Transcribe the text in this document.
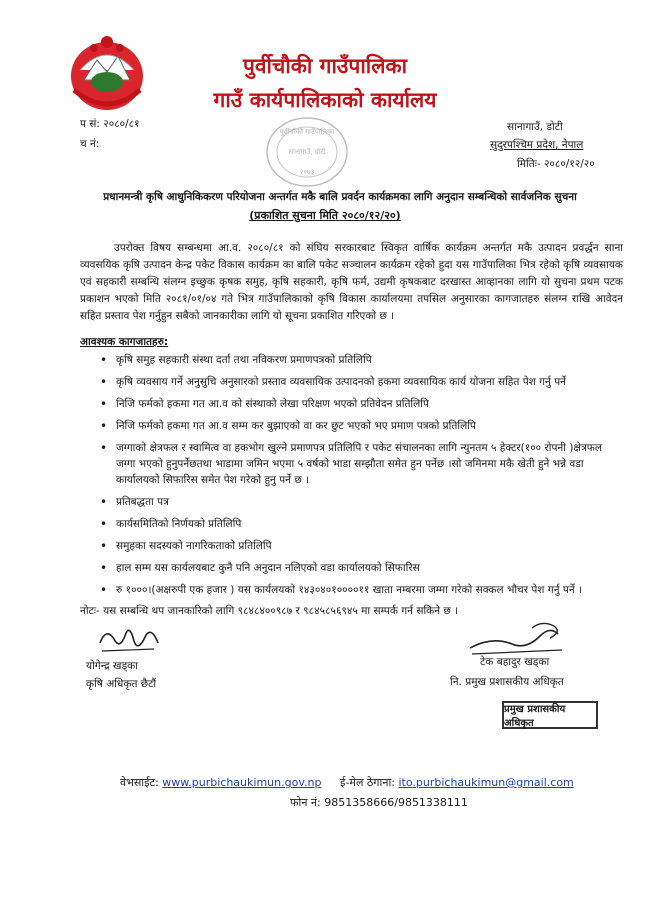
पुर्वीचौकी गाउँपालिका
गाउँ कार्यपालिकाको कार्यालय
प सं: २०८०/८१
च नं:
सानागाउँ, डोटी
सुदुरपश्चिम प्रदेश, नेपाल
मितिः- २०८०/१२/२०
पुर्वीचौकी गाउँपालिका
सानागाउँ, डोटी
२०७३
प्रधानमन्त्री कृषि आधुनिकिकरण परियोजना अन्तर्गत मकै बालि प्रवर्दन कार्यक्रमका लागि अनुदान सम्बन्धिको सार्वजनिक सुचना
(प्रकाशित सुचना मिति २०८०/१२/२०)
उपरोक्त विषय सम्बन्धमा आ.व. २०८०/८१ को संघिय सरकारबाट स्विकृत वार्षिक कार्यक्रम अन्तर्गत मकै उत्पादन प्रवर्द्धन साना व्यवसयिक कृषि उत्पादन केन्द्र पकेट विकास कार्यक्रम का बालि पकेट सञ्चालन कार्यक्रम रहेको हुदा यस गाउँपालिका भित्र रहेको कृषि व्यवसायक एवं सहकारी सम्बन्धि संलग्न इच्छुक कृषक समुह, कृषि सहकारी, कृषि फर्म, उद्यमी कृषकबाट दरखास्त आव्हानका लागि यो सुचना प्रथम पटक प्रकाशन भएको मिति २०८१/०१/०४ गते भित्र गाउँपालिकाको कृषि विकास कार्यालयमा तपसिल अनुसारका कागजातहरु संलग्न राखि आवेदन सहित प्रस्ताव पेश गर्नुहुन सबैको जानकारीका लागि यो सूचना प्रकाशित गरिएको छ ।
आवश्यक कागजातहरु:
• कृषि समुह सहकारी संस्था दर्ता तथा नविकरण प्रमाणपत्रको प्रतिलिपि
• कृषि व्यवसाय गर्ने अनुसुचि अनुसारको प्रस्ताव व्यवसायिक उत्पादनको हकमा व्यवसायिक कार्य योजना सहित पेश गर्नु पर्ने
• निजि फर्मको हकमा गत आ.व को संस्थाको लेखा परिक्षण भएको प्रतिवेदन प्रतिलिपि
• निजि फर्मको हकमा गत आ.व सम्म कर बुझाएको वा कर छुट भएको भए प्रमाण पत्रको प्रतिलिपि
• जग्गाको क्षेत्रफल र स्वामित्व वा हकभोग खुल्ने प्रमाणपत्र प्रतिलिपि र पकेट संचालनका लागि न्युनतम ५ हेक्टर(१०० रोपनी )क्षेत्रफल जग्गा भएको हुनुपर्नेछतथा भाडामा जमिन भएमा ५ वर्षको भाडा सम्झौता समेत हुन पर्नेछ ।सो जमिनमा मकै खेती हुने भन्ने वडा कार्यालयको सिफारिस समेत पेश गरेको हुनु पर्ने छ ।
• प्रतिबद्धता पत्र
• कार्यसमितिको निर्णयको प्रतिलिपि
• समुहका सदस्यको नागरिकताको प्रतिलिपि
• हाल सम्म यस कार्यलयबाट कुनै पनि अनुदान नलिएको वडा कार्यालयको सिफारिस
• रु १०००।(अक्षरुपी एक हजार ) यस कार्यलयको १४३०४०१००००११ खाता नम्बरमा जम्मा गरेको सक्कल भौचर पेश गर्नु पर्ने ।
नोटः- यस सम्बन्धि थप जानकारिको लागि ९८४८४००९८७ र ९८४५८५६९४५ मा सम्पर्क गर्न सकिने छ ।
योगेन्द्र खड्का
कृषि अधिकृत छैटौं
टेक बहादुर खड्का
नि. प्रमुख प्रशासकीय अधिकृत
प्रमुख प्रशासकीय अधिकृत
वेभसाईट: www.purbichaukimun.gov.np ई-मेल ठेगाना: ito.purbichaukimun@gmail.com
फोन नं: 9851358666/9851338111
